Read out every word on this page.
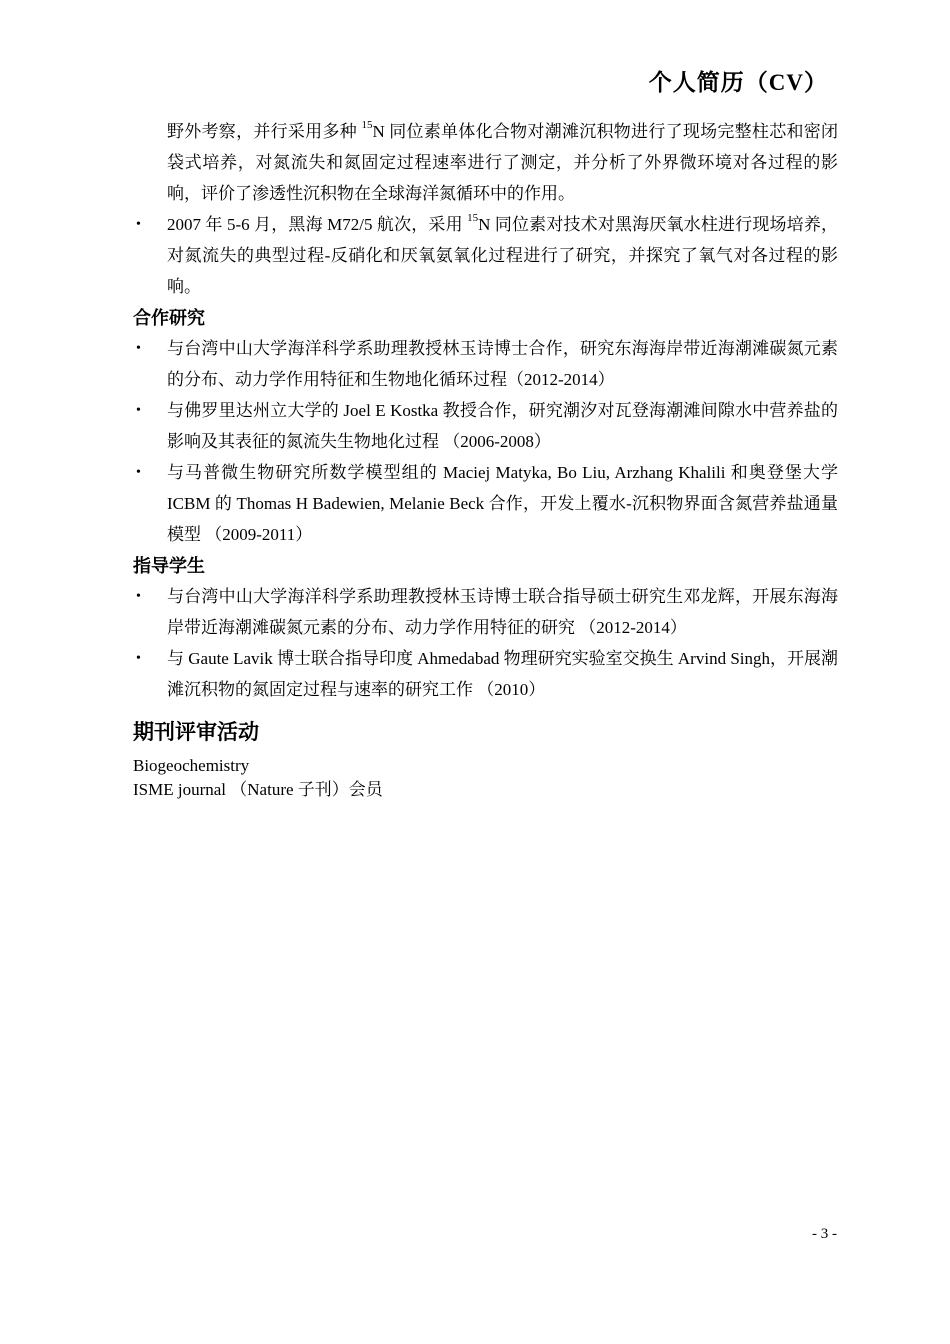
个人简历（CV）
野外考察，并行采用多种 $^{15}$N 同位素单体化合物对潮滩沉积物进行了现场完整柱芯和密闭袋式培养，对氮流失和氮固定过程速率进行了测定，并分析了外界微环境对各过程的影响，评价了渗透性沉积物在全球海洋氮循环中的作用。
• 2007 年 5-6 月，黑海 M72/5 航次，采用 $^{15}$N 同位素对技术对黑海厌氧水柱进行现场培养，对氮流失的典型过程-反硝化和厌氧氨氧化过程进行了研究，并探究了氧气对各过程的影响。
合作研究
• 与台湾中山大学海洋科学系助理教授林玉诗博士合作，研究东海海岸带近海潮滩碳氮元素的分布、动力学作用特征和生物地化循环过程（2012-2014）
• 与佛罗里达州立大学的 Joel E Kostka 教授合作，研究潮汐对瓦登海潮滩间隙水中营养盐的影响及其表征的氮流失生物地化过程 （2006-2008）
• 与马普微生物研究所数学模型组的 Maciej Matyka, Bo Liu, Arzhang Khalili 和奥登堡大学 ICBM 的 Thomas H Badewien, Melanie Beck 合作，开发上覆水-沉积物界面含氮营养盐通量模型 （2009-2011）
指导学生
• 与台湾中山大学海洋科学系助理教授林玉诗博士联合指导硕士研究生邓龙辉，开展东海海岸带近海潮滩碳氮元素的分布、动力学作用特征的研究 （2012-2014）
• 与 Gaute Lavik 博士联合指导印度 Ahmedabad 物理研究实验室交换生 Arvind Singh，开展潮滩沉积物的氮固定过程与速率的研究工作 （2010）
期刊评审活动
Biogeochemistry
ISME journal （Nature 子刊）会员
- 3 -
